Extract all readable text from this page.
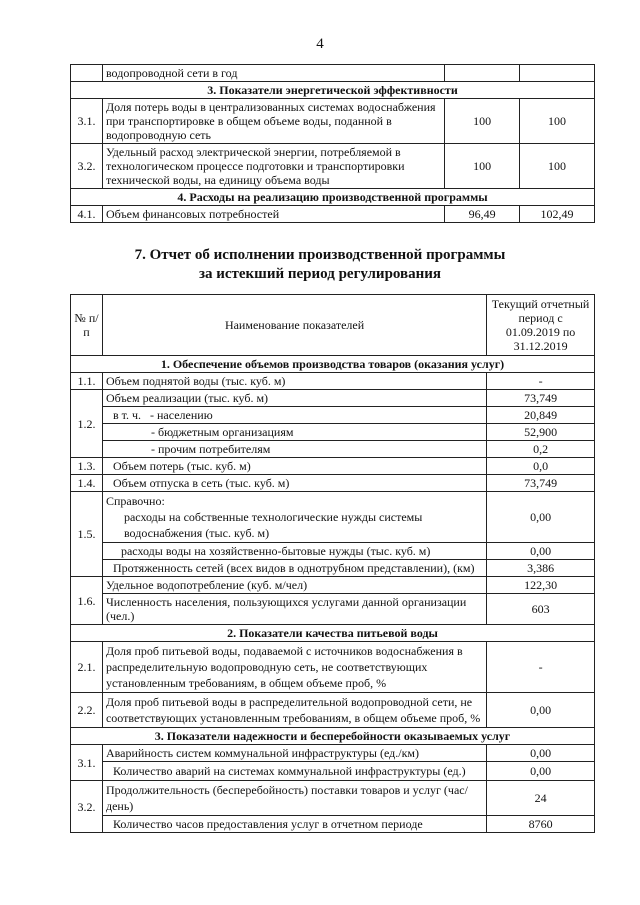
4
	водопроводной сети в год		
3. Показатели энергетической эффективности			
3.1.	Доля потерь воды в централизованных системах водоснабжения при транспортировке в общем объеме воды, поданной в водопроводную сеть	100	100
3.2.	Удельный расход электрической энергии, потребляемой в технологическом процессе подготовки и транспортировки технической воды, на единицу объема воды	100	100
4. Расходы на реализацию производственной программы			
4.1.	Объем финансовых потребностей	96,49	102,49
7. Отчет об исполнении производственной программы
за истекший период регулирования
№ п/п	Наименование показателей	Текущий отчетный период с 01.09.2019 по 31.12.2019
1. Обеспечение объемов производства товаров (оказания услуг)		
1.1.	Объем поднятой воды (тыс. куб. м)	-
1.2.	Объем реализации (тыс. куб. м)	73,749
	в т. ч. - населению	20,849
	- бюджетным организациям	52,900
	- прочим потребителям	0,2
1.3.	Объем потерь (тыс. куб. м)	0,0
1.4.	Объем отпуска в сеть (тыс. куб. м)	73,749
1.5.	Справочно:
расходы на собственные технологические нужды системы водоснабжения (тыс. куб. м)	0,00
	расходы воды на хозяйственно-бытовые нужды (тыс. куб. м)	0,00
	Протяженность сетей (всех видов в однотрубном представлении), (км)	3,386
1.6.	Удельное водопотребление (куб. м/чел)	122,30
	Численность населения, пользующихся услугами данной организации (чел.)	603
2. Показатели качества питьевой воды		
2.1.	Доля проб питьевой воды, подаваемой с источников водоснабжения в распределительную водопроводную сеть, не соответствующих установленным требованиям, в общем объеме проб, %	-
2.2.	Доля проб питьевой воды в распределительной водопроводной сети, не соответствующих установленным требованиям, в общем объеме проб, %	0,00
3. Показатели надежности и бесперебойности оказываемых услуг		
3.1.	Аварийность систем коммунальной инфраструктуры (ед./км)	0,00
	Количество аварий на системах коммунальной инфраструктуры (ед.)	0,00
3.2.	Продолжительность (бесперебойность) поставки товаров и услуг (час/день)	24
	Количество часов предоставления услуг в отчетном периоде	8760
